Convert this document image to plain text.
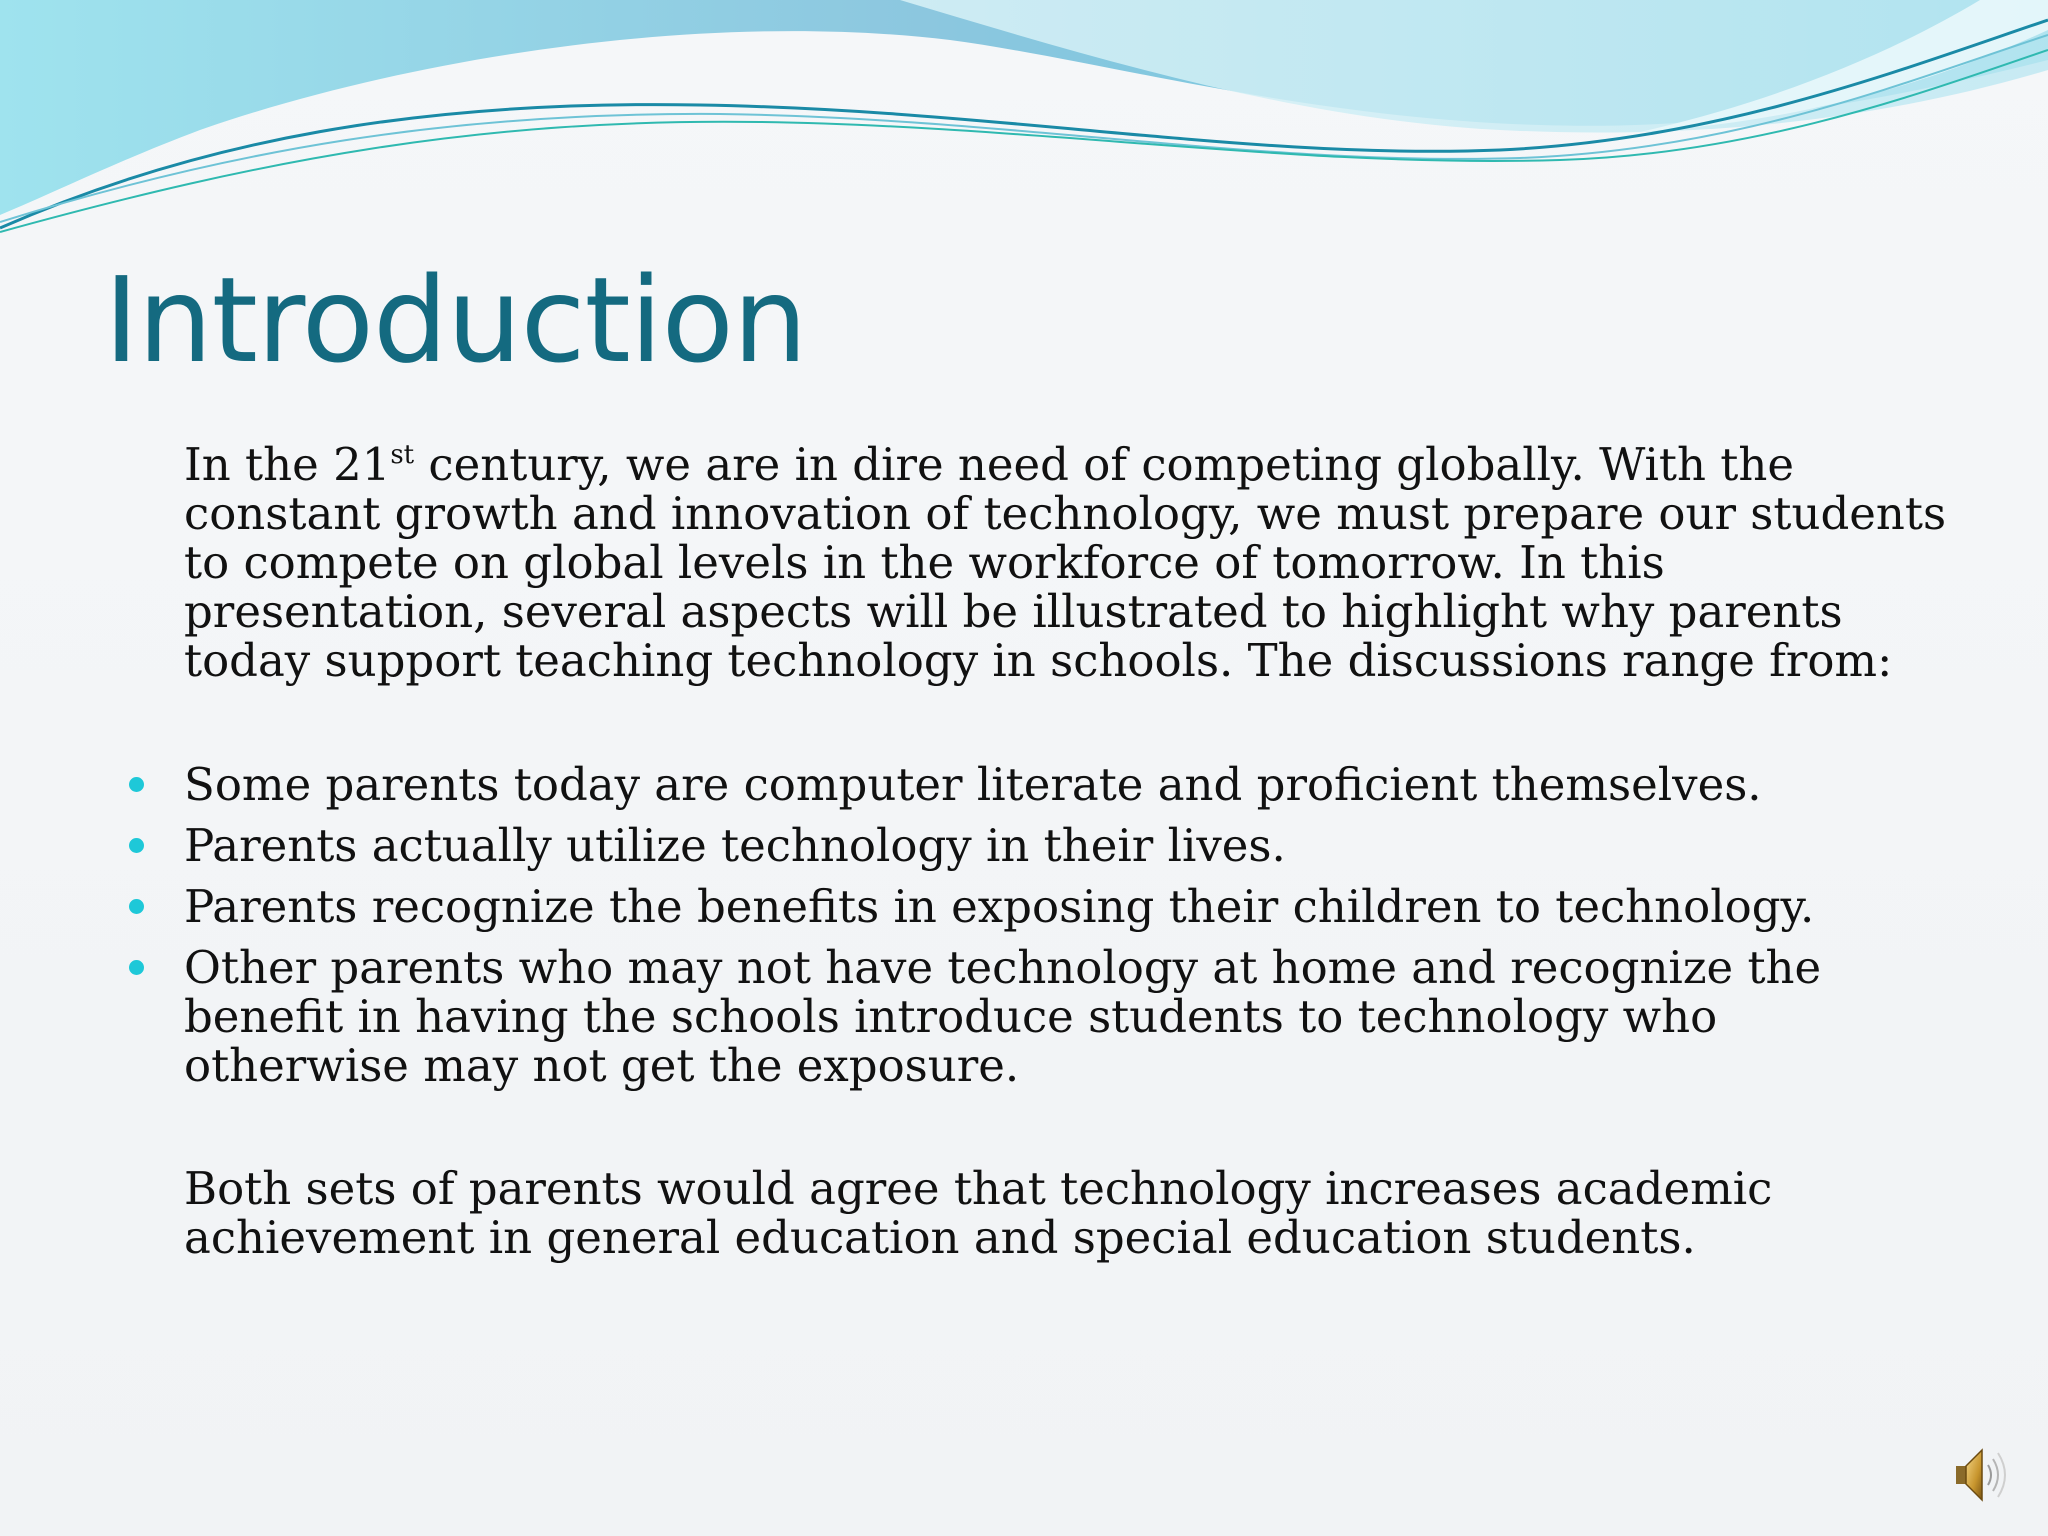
Introduction

In the 21st century, we are in dire need of competing globally. With the constant growth and innovation of technology, we must prepare our students to compete on global levels in the workforce of tomorrow. In this presentation, several aspects will be illustrated to highlight why parents today support teaching technology in schools. The discussions range from:

Some parents today are computer literate and proficient themselves.
Parents actually utilize technology in their lives.
Parents recognize the benefits in exposing their children to technology.
Other parents who may not have technology at home and recognize the benefit in having the schools introduce students to technology who otherwise may not get the exposure.

Both sets of parents would agree that technology increases academic achievement in general education and special education students.
